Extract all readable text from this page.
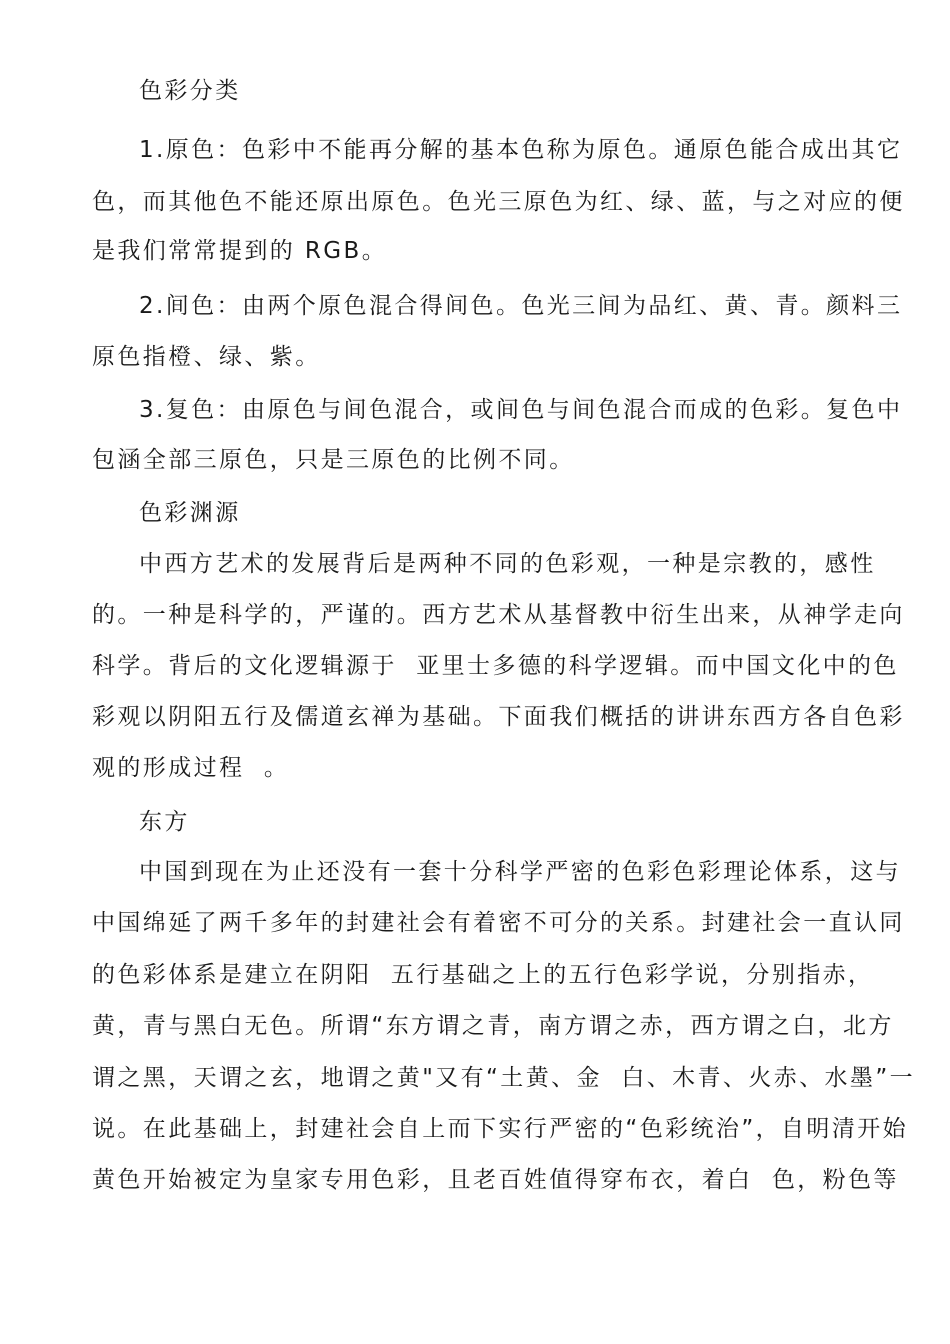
色彩分类
1.原色：色彩中不能再分解的基本色称为原色。通原色能合成出其它
色，而其他色不能还原出原色。色光三原色为红、绿、蓝，与之对应的便
是我们常常提到的 RGB。
2.间色：由两个原色混合得间色。色光三间为品红、黄、青。颜料三
原色指橙、绿、紫。
3.复色：由原色与间色混合，或间色与间色混合而成的色彩。复色中
包涵全部三原色，只是三原色的比例不同。
色彩渊源
中西方艺术的发展背后是两种不同的色彩观，一种是宗教的，感性
的。一种是科学的，严谨的。西方艺术从基督教中衍生出来，从神学走向
科学。背后的文化逻辑源于  亚里士多德的科学逻辑。而中国文化中的色
彩观以阴阳五行及儒道玄禅为基础。下面我们概括的讲讲东西方各自色彩
观的形成过程  。
东方
中国到现在为止还没有一套十分科学严密的色彩色彩理论体系，这与
中国绵延了两千多年的封建社会有着密不可分的关系。封建社会一直认同
的色彩体系是建立在阴阳  五行基础之上的五行色彩学说，分别指赤，
黄，青与黑白无色。所谓“东方谓之青，南方谓之赤，西方谓之白，北方
谓之黑，天谓之玄，地谓之黄"又有“土黄、金  白、木青、火赤、水墨”一
说。在此基础上，封建社会自上而下实行严密的“色彩统治”，自明清开始
黄色开始被定为皇家专用色彩，且老百姓值得穿布衣，着白  色，粉色等
